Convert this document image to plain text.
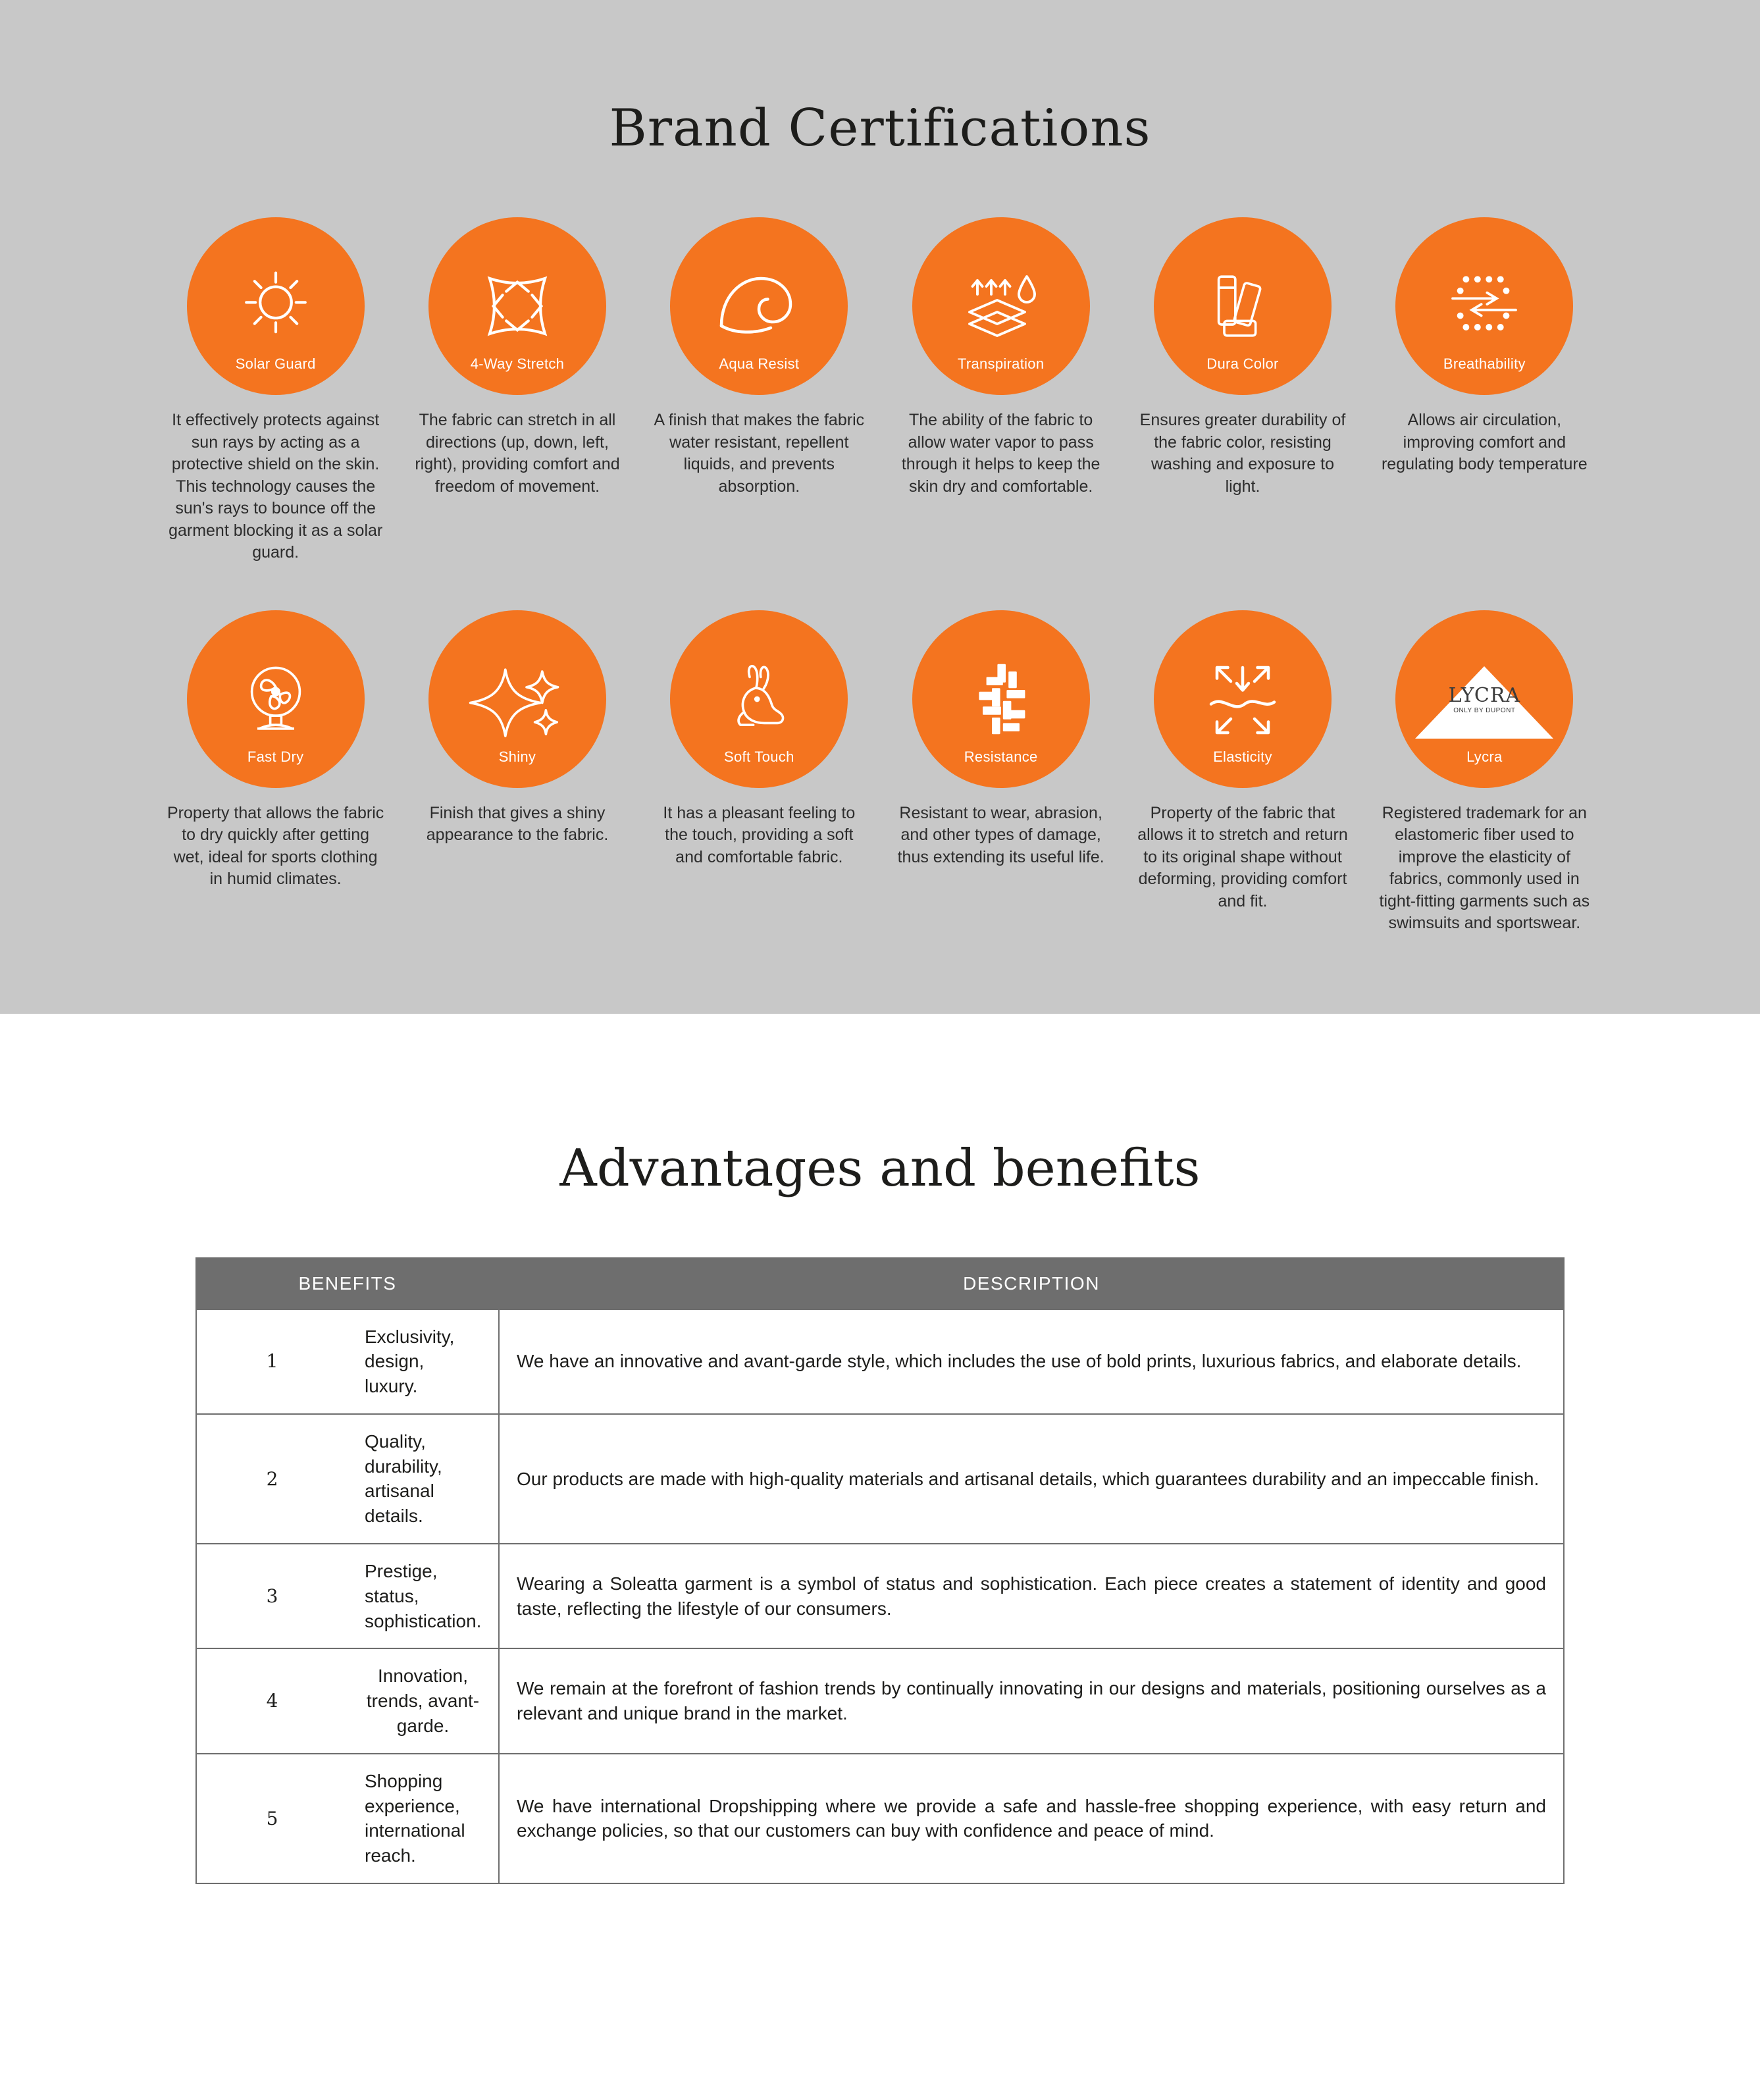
Brand Certifications
Solar Guard

It effectively protects against sun rays by acting as a protective shield on the skin. This technology causes the sun's rays to bounce off the garment blocking it as a solar guard.

4-Way Stretch

The fabric can stretch in all directions (up, down, left, right), providing comfort and freedom of movement.

Aqua Resist

A finish that makes the fabric water resistant, repellent liquids, and prevents absorption.

Transpiration

The ability of the fabric to allow water vapor to pass through it helps to keep the skin dry and comfortable.

Dura Color

Ensures greater durability of the fabric color, resisting washing and exposure to light.

Breathability

Allows air circulation, improving comfort and regulating body temperature

Fast Dry

Property that allows the fabric to dry quickly after getting wet, ideal for sports clothing in humid climates.

Shiny

Finish that gives a shiny appearance to the fabric.

Soft Touch

It has a pleasant feeling to the touch, providing a soft and comfortable fabric.

Resistance

Resistant to wear, abrasion, and other types of damage, thus extending its useful life.

Elasticity

Property of the fabric that allows it to stretch and return to its original shape without deforming, providing comfort and fit.

LYCRA
ONLY BY DUPONT
Lycra

Registered trademark for an elastomeric fiber used to improve the elasticity of fabrics, commonly used in tight-fitting garments such as swimsuits and sportswear.

Advantages and benefits
BENEFITS		DESCRIPTION
1	Exclusivity, design, luxury.	We have an innovative and avant-garde style, which includes the use of bold prints, luxurious fabrics, and elaborate details.
2	Quality, durability, artisanal details.	Our products are made with high-quality materials and artisanal details, which guarantees durability and an impeccable finish.
3	Prestige, status, sophistication.	Wearing a Soleatta garment is a symbol of status and sophistication. Each piece creates a statement of identity and good taste, reflecting the lifestyle of our consumers.
4	Innovation, trends, avant-garde.	We remain at the forefront of fashion trends by continually innovating in our designs and materials, positioning ourselves as a relevant and unique brand in the market.
5	Shopping experience, international reach.	We have international Dropshipping where we provide a safe and hassle-free shopping experience, with easy return and exchange policies, so that our customers can buy with confidence and peace of mind.
